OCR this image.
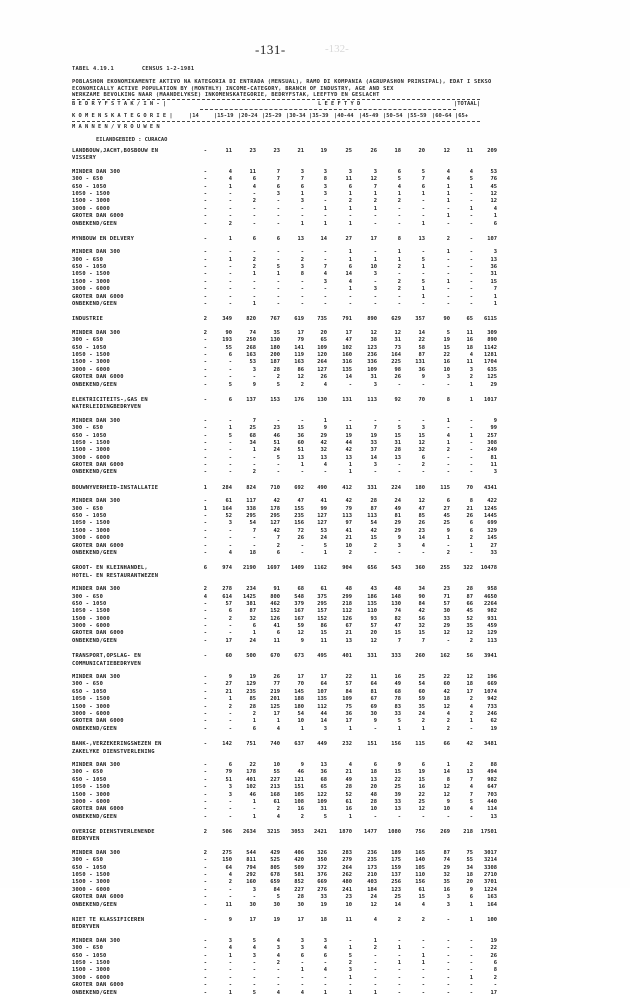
-131-	-132-
TABEL 4.19.1	CENSUS 1-2-1981
POBLASHON EKONOMIKAMENTE AKTIVO NA KATEGORIA DI ENTRADA (MENSUAL), RAMO DI KOMPANIA (AGRUPASHON PRINSIPAL), EDAT I SEKSO
ECONOMICALLY ACTIVE POPULATION BY (MONTHLY) INCOME-CATEGORY, BRANCH OF INDUSTRY, AGE AND SEX
WERKZAME BEVOLKING NAAR (MAANDELYKSE) INKOMENSKATEGORIE, BEDRYFSTAK, LEEFTYD EN GESLACHT
B E D R Y F S T A K / I N - |	L E E F T Y D	|TOTAAL|
K O M E N S K A T E G O R I E |	|14	|15-19 |20-24 |25-29 |30-34 |35-39 |40-44 |45-49 |50-54 |55-59 |60-64 |65+
M A N N E N / V R O U W E N
EILANDGEBIED : CURACAO
LANDBOUW,JACHT,BOSBOUW EN	-	11	23	23	21	19	25	26	18	20	12	11	209
VISSERY
MINDER DAN 300	-	4	11	7	3	3	3	3	6	5	4	4	53
300 - 650	-	4	6	7	7	8	11	12	5	7	4	5	76
650 - 1050	-	1	4	6	6	3	6	7	4	6	1	1	45
1050 - 1500	-	-	-	3	1	3	1	1	1	1	1	-	12
1500 - 3000	-	-	2	-	3	-	2	2	2	-	1	-	12
3000 - 6000	-	-	-	-	-	1	1	1	-	-	-	1	4
GROTER DAN 6000	-	-	-	-	-	-	-	-	-	-	1	-	1
ONBEKEND/GEEN	-	2	-	-	1	1	1	-	-	1	-	-	6
MYNBOUW EN DELVERY	-	1	6	6	13	14	27	17	8	13	2	-	107
MINDER DAN 300	-	-	-	-	-	-	1	-	1	-	1	-	3
300 - 650	-	1	2	-	2	-	1	1	1	5	-	-	13
650 - 1050	-	-	2	5	3	7	6	10	2	1	-	-	36
1050 - 1500	-	-	1	1	8	4	14	3	-	-	-	-	31
1500 - 3000	-	-	-	-	-	3	4	-	2	5	1	-	15
3000 - 6000	-	-	-	-	-	-	1	3	2	1	-	-	7
GROTER DAN 6000	-	-	-	-	-	-	-	-	-	1	-	-	1
ONBEKEND/GEEN	-	-	1	-	-	-	-	-	-	-	-	-	1
INDUSTRIE	2	349	820	767	619	735	791	890	629	357	90	65	6115
MINDER DAN 300	2	90	74	35	17	20	17	12	12	14	5	11	309
300 - 650	-	193	250	130	79	65	47	38	31	22	19	16	890
650 - 1050	-	55	268	180	141	109	102	123	73	58	15	18	1142
1050 - 1500	-	6	163	200	119	120	160	236	164	87	22	4	1281
1500 - 3000	-	-	53	187	163	264	316	336	225	131	16	11	1704
3000 - 6000	-	-	3	28	86	127	135	109	98	36	10	3	635
GROTER DAN 6000	-	-	-	2	12	26	14	31	26	9	3	2	125
ONBEKEND/GEEN	-	5	9	5	2	4	-	3	-	-	-	1	29
ELEKTRICITEITS-,GAS EN	-	6	137	153	176	130	131	113	92	70	8	1	1017
WATERLEIDINGBEDRYVEN
MINDER DAN 300	-	-	7	-	-	1	-	-	-	-	1	-	9
300 - 650	-	1	25	23	15	9	11	7	5	3	-	-	99
650 - 1050	-	5	68	46	36	29	19	19	15	15	4	1	257
1050 - 1500	-	-	34	51	60	42	44	33	31	12	1	-	308
1500 - 3000	-	-	1	24	51	32	42	37	28	32	2	-	249
3000 - 6000	-	-	-	5	13	13	13	14	13	6	-	-	81
GROTER DAN 6000	-	-	-	-	1	4	1	3	-	2	-	-	11
ONBEKEND/GEEN	-	-	2	-	-	-	1	-	-	-	-	-	3
BOUWNYVERHEID-INSTALLATIE	1	284	824	710	692	490	412	331	224	180	115	70	4341
MINDER DAN 300	-	61	117	42	47	41	42	28	24	12	6	8	422
300 - 650	1	164	338	178	155	99	79	87	49	47	27	21	1245
650 - 1050	-	52	295	295	235	127	113	113	81	85	45	26	1445
1050 - 1500	-	3	54	127	156	127	97	54	29	26	25	6	699
1500 - 3000	-	-	7	42	72	53	41	42	29	23	9	6	329
3000 - 6000	-	-	-	7	26	24	21	15	9	14	1	2	145
GROTER DAN 6000	-	-	-	2	-	5	10	2	3	4	-	1	27
ONBEKEND/GEEN	-	4	18	6	-	1	2	-	-	-	2	-	33
GROOT- EN KLEINHANDEL,	6	974	2190	1697	1409	1162	904	656	543	360	255	322	10478
HOTEL- EN RESTAURANTWEZEN
MINDER DAN 300	2	278	234	91	68	61	48	43	48	34	23	28	958
300 - 650	4	614	1425	800	548	375	299	186	148	90	71	87	4650
650 - 1050	-	57	381	462	379	295	218	135	130	84	57	66	2264
1050 - 1500	-	6	87	152	167	157	112	110	74	42	30	45	982
1500 - 3000	-	2	32	126	167	152	126	93	82	56	33	52	931
3000 - 6000	-	-	6	41	59	86	67	57	47	32	29	35	459
GROTER DAN 6000	-	-	1	6	12	15	21	20	15	15	12	12	129
ONBEKEND/GEEN	-	17	24	11	9	11	13	12	7	7	-	2	113
TRANSPORT,OPSLAG- EN	-	60	500	670	673	495	401	331	333	260	162	56	3941
COMMUNICATIEBEDRYVEN
MINDER DAN 300	-	9	19	26	17	17	22	11	16	25	22	12	196
300 - 650	-	27	129	77	70	64	57	64	49	54	60	18	669
650 - 1050	-	21	235	219	145	107	84	81	68	60	42	17	1074
1050 - 1500	-	1	85	201	188	135	109	67	78	59	18	2	942
1500 - 3000	-	2	28	125	180	112	75	69	83	35	12	4	733
3000 - 6000	-	-	2	17	54	44	36	30	33	24	4	2	246
GROTER DAN 6000	-	-	1	1	10	14	17	9	5	2	2	1	62
ONBEKEND/GEEN	-	-	6	4	1	3	1	-	1	1	2	-	19
BANK-,VERZEKERINGSWEZEN EN	-	142	751	740	637	449	232	151	156	115	66	42	3481
ZAKELYKE DIENSTVERLENING
MINDER DAN 300	-	6	22	10	9	13	4	6	9	6	1	2	88
300 - 650	-	79	178	55	46	36	21	18	15	19	14	13	494
650 - 1050	-	51	401	227	121	68	49	13	22	15	8	7	982
1050 - 1500	-	3	102	213	151	65	28	20	25	16	12	4	647
1500 - 3000	-	3	46	168	105	122	52	48	39	22	12	7	703
3000 - 6000	-	-	1	61	108	109	61	28	33	25	9	5	440
GROTER DAN 6000	-	-	-	2	16	31	16	10	13	12	10	4	114
ONBEKEND/GEEN	-	-	1	4	2	5	1	-	-	-	-	-	13
OVERIGE DIENSTVERLENENDE	2	506	2634	3215	3053	2421	1870	1477	1080	756	269	218	17501
BEDRYVEN
MINDER DAN 300	2	275	544	429	406	326	283	236	189	165	87	75	3017
300 - 650	-	150	811	525	420	350	279	235	175	140	74	55	3214
650 - 1050	-	64	794	805	509	372	264	173	159	105	29	34	3308
1050 - 1500	-	4	292	678	581	376	262	210	137	110	32	18	2710
1500 - 3000	-	2	160	659	852	669	480	403	256	156	35	20	3701
3000 - 6000	-	-	3	84	227	276	241	184	123	61	16	9	1224
GROTER DAN 6000	-	-	-	5	28	33	23	24	25	15	3	6	163
ONBEKEND/GEEN	-	11	30	30	30	19	10	12	14	4	3	1	164
NIET TE KLASSIFICEREN	-	9	17	19	17	18	11	4	2	2	-	1	100
BEDRYVEN
MINDER DAN 300	-	3	5	4	3	3	-	1	-	-	-	-	19
300 - 650	-	4	4	3	3	4	1	2	1	-	-	-	22
650 - 1050	-	1	3	4	6	6	5	-	-	1	-	-	26
1050 - 1500	-	-	-	2	-	-	2	-	1	1	-	-	6
1500 - 3000	-	-	-	-	1	4	3	-	-	-	-	-	8
3000 - 6000	-	-	-	-	-	-	1	-	-	-	-	1	2
GROTER DAN 6000	-	-	-	-	-	-	-	-	-	-	-	-	-
ONBEKEND/GEEN	-	1	5	4	4	1	1	1	-	-	-	-	17
